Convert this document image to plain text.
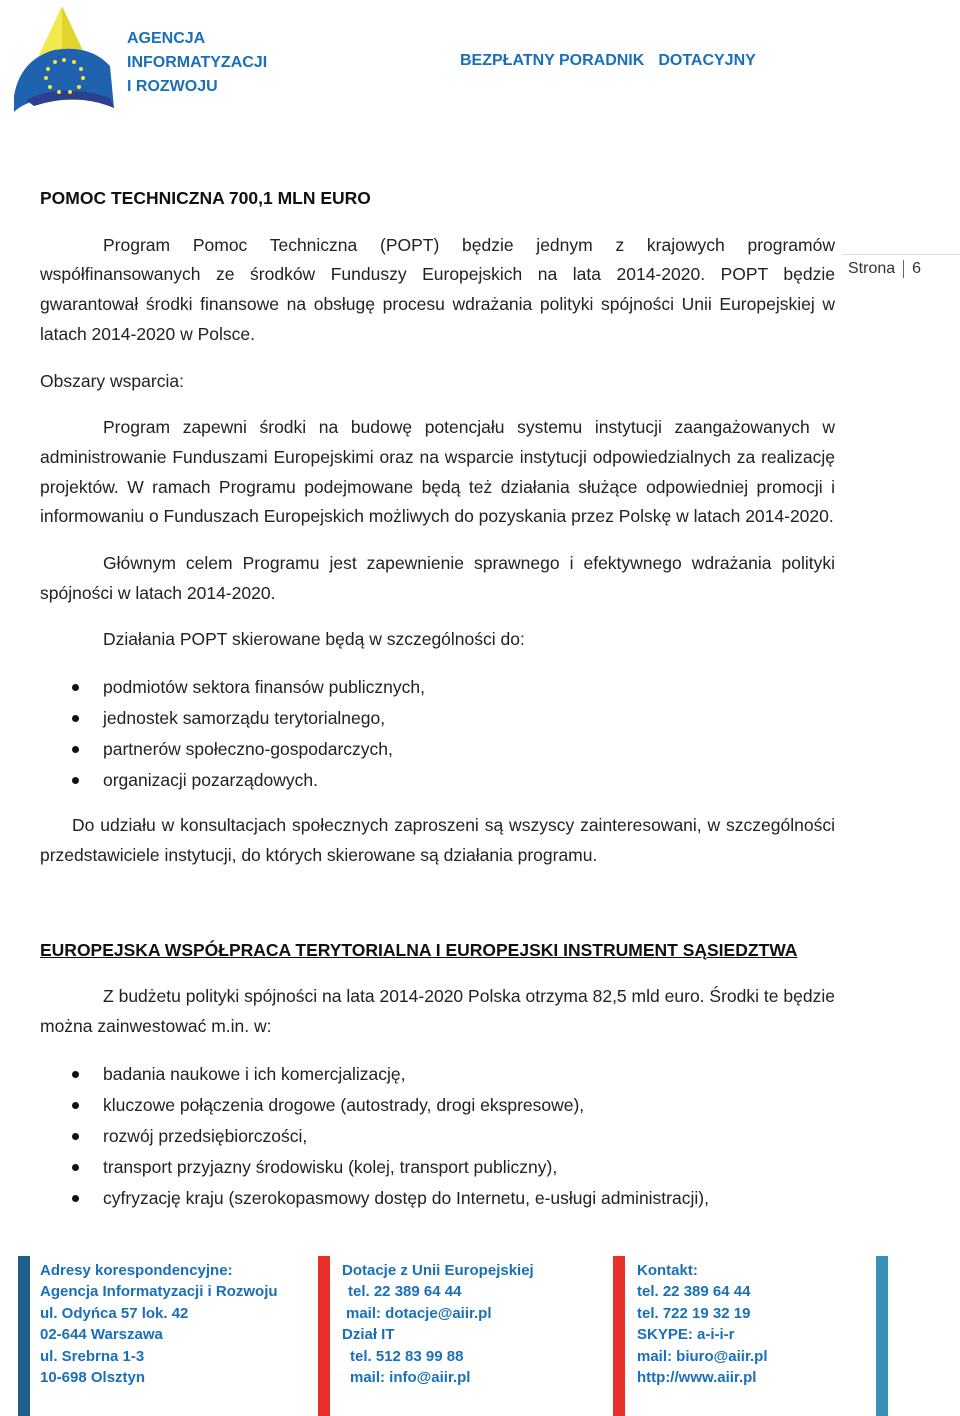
AGENCJA
INFORMATYZACJI
I ROZWOJU
BEZPŁATNY PORADNIK DOTACYJNY
Strona 6

POMOC TECHNICZNA 700,1 MLN EURO

Program Pomoc Techniczna (POPT) będzie jednym z krajowych programów współfinansowanych ze środków Funduszy Europejskich na lata 2014-2020. POPT będzie gwarantował środki finansowe na obsługę procesu wdrażania polityki spójności Unii Europejskiej w latach 2014-2020 w Polsce.

Obszary wsparcia:

Program zapewni środki na budowę potencjału systemu instytucji zaangażowanych w administrowanie Funduszami Europejskimi oraz na wsparcie instytucji odpowiedzialnych za realizację projektów. W ramach Programu podejmowane będą też działania służące odpowiedniej promocji i informowaniu o Funduszach Europejskich możliwych do pozyskania przez Polskę w latach 2014-2020.

Głównym celem Programu jest zapewnienie sprawnego i efektywnego wdrażania polityki spójności w latach 2014-2020.

Działania POPT skierowane będą w szczególności do:

podmiotów sektora finansów publicznych,
jednostek samorządu terytorialnego,
partnerów społeczno-gospodarczych,
organizacji pozarządowych.

Do udziału w konsultacjach społecznych zaproszeni są wszyscy zainteresowani, w szczególności przedstawiciele instytucji, do których skierowane są działania programu.

EUROPEJSKA WSPÓŁPRACA TERYTORIALNA I EUROPEJSKI INSTRUMENT SĄSIEDZTWA

Z budżetu polityki spójności na lata 2014-2020 Polska otrzyma 82,5 mld euro. Środki te będzie można zainwestować m.in. w:

badania naukowe i ich komercjalizację,
kluczowe połączenia drogowe (autostrady, drogi ekspresowe),
rozwój przedsiębiorczości,
transport przyjazny środowisku (kolej, transport publiczny),
cyfryzację kraju (szerokopasmowy dostęp do Internetu, e-usługi administracji),
Adresy korespondencyjne:
Agencja Informatyzacji i Rozwoju
ul. Odyńca 57 lok. 42
02-644 Warszawa
ul. Srebrna 1-3
10-698 Olsztyn
Dotacje z Unii Europejskiej
tel. 22 389 64 44
mail: dotacje@aiir.pl
Dział IT
tel. 512 83 99 88
mail: info@aiir.pl
Kontakt:
tel. 22 389 64 44
tel. 722 19 32 19
SKYPE: a-i-i-r
mail: biuro@aiir.pl
http://www.aiir.pl
